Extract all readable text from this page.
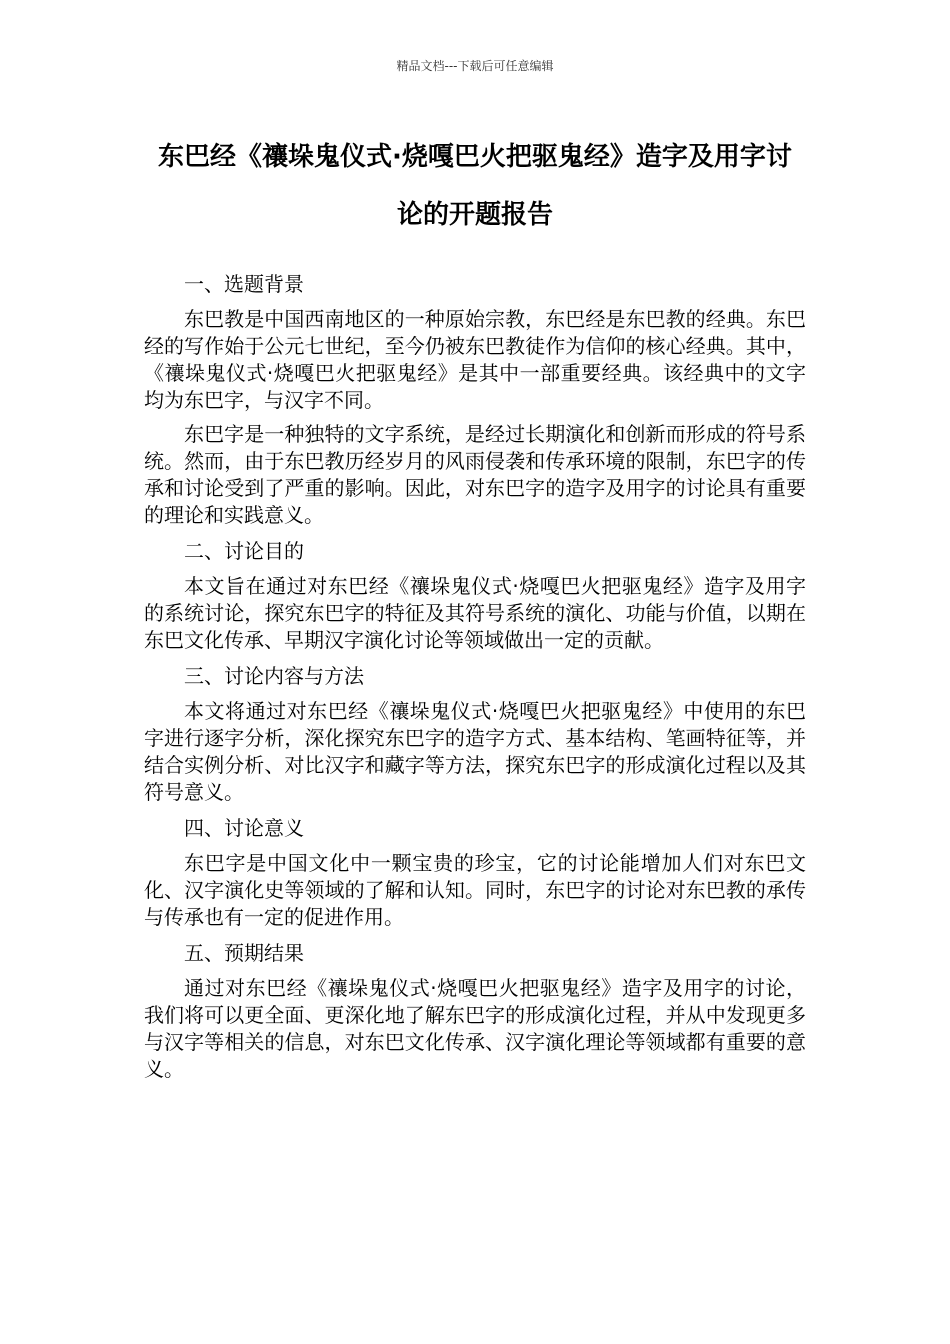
精品文档---下载后可任意编辑
东巴经《禳垛鬼仪式·烧嘎巴火把驱鬼经》造字及用字讨论的开题报告

一、选题背景

东巴教是中国西南地区的一种原始宗教，东巴经是东巴教的经典。东巴经的写作始于公元七世纪，至今仍被东巴教徒作为信仰的核心经典。其中，《禳垛鬼仪式·烧嘎巴火把驱鬼经》是其中一部重要经典。该经典中的文字均为东巴字，与汉字不同。

东巴字是一种独特的文字系统，是经过长期演化和创新而形成的符号系统。然而，由于东巴教历经岁月的风雨侵袭和传承环境的限制，东巴字的传承和讨论受到了严重的影响。因此，对东巴字的造字及用字的讨论具有重要的理论和实践意义。

二、讨论目的

本文旨在通过对东巴经《禳垛鬼仪式·烧嘎巴火把驱鬼经》造字及用字的系统讨论，探究东巴字的特征及其符号系统的演化、功能与价值，以期在东巴文化传承、早期汉字演化讨论等领域做出一定的贡献。

三、讨论内容与方法

本文将通过对东巴经《禳垛鬼仪式·烧嘎巴火把驱鬼经》中使用的东巴字进行逐字分析，深化探究东巴字的造字方式、基本结构、笔画特征等，并结合实例分析、对比汉字和藏字等方法，探究东巴字的形成演化过程以及其符号意义。

四、讨论意义

东巴字是中国文化中一颗宝贵的珍宝，它的讨论能增加人们对东巴文化、汉字演化史等领域的了解和认知。同时，东巴字的讨论对东巴教的承传与传承也有一定的促进作用。

五、预期结果

通过对东巴经《禳垛鬼仪式·烧嘎巴火把驱鬼经》造字及用字的讨论，我们将可以更全面、更深化地了解东巴字的形成演化过程，并从中发现更多与汉字等相关的信息，对东巴文化传承、汉字演化理论等领域都有重要的意义。
